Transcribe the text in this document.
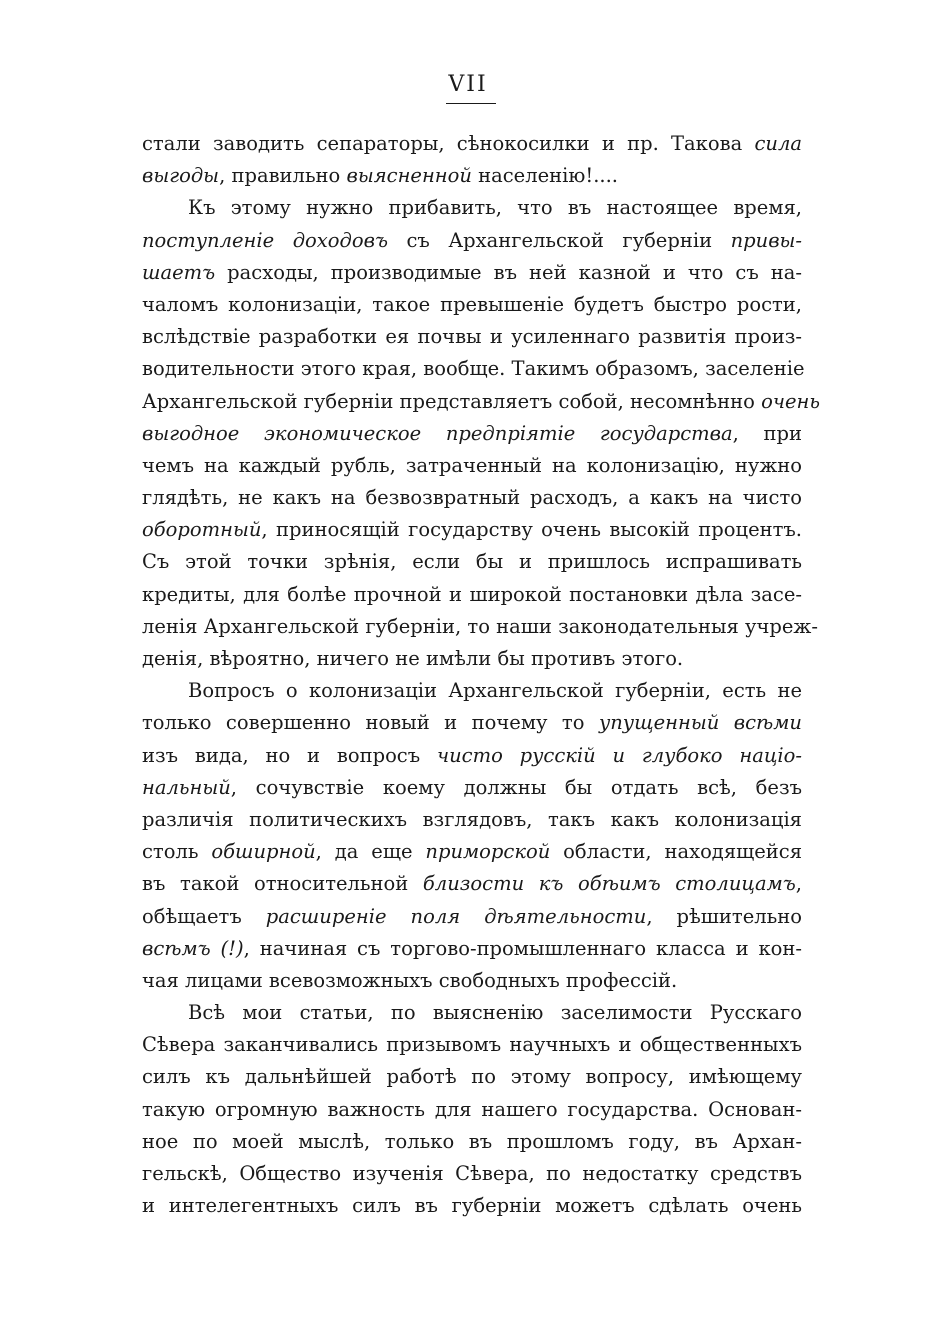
VII
стали заводить сепараторы, сѣнокосилки и пр. Такова сила
выгоды, правильно выясненной населенію!....
Къ этому нужно прибавить, что въ настоящее время,
поступленіе доходовъ съ Архангельской губерніи привы-
шаетъ расходы, производимые въ ней казной и что съ на-
чаломъ колонизаціи, такое превышеніе будетъ быстро рости,
вслѣдствіе разработки ея почвы и усиленнаго развитія произ-
водительности этого края, вообще. Такимъ образомъ, заселеніе
Архангельской губерніи представляетъ собой, несомнѣнно очень
выгодное экономическое предпріятіе государства, при
чемъ на каждый рубль, затраченный на колонизацію, нужно
глядѣть, не какъ на безвозвратный расходъ, а какъ на чисто
оборотный, приносящій государству очень высокій процентъ.
Съ этой точки зрѣнія, если бы и пришлось испрашивать
кредиты, для болѣе прочной и широкой постановки дѣла засе-
ленія Архангельской губерніи, то наши законодательныя учреж-
денія, вѣроятно, ничего не имѣли бы противъ этого.
Вопросъ о колонизаціи Архангельской губерніи, есть не
только совершенно новый и почему то упущенный всѣми
изъ вида, но и вопросъ чисто русскій и глубоко націо-
нальный, сочувствіе коему должны бы отдать всѣ, безъ
различія политическихъ взглядовъ, такъ какъ колонизація
столь обширной, да еще приморской области, находящейся
въ такой относительной близости къ обѣимъ столицамъ,
обѣщаетъ расширеніе поля дѣятельности, рѣшительно
всѣмъ (!), начиная съ торгово-промышленнаго класса и кон-
чая лицами всевозможныхъ свободныхъ профессій.
Всѣ мои статьи, по выясненію заселимости Русскаго
Сѣвера заканчивались призывомъ научныхъ и общественныхъ
силъ къ дальнѣйшей работѣ по этому вопросу, имѣющему
такую огромную важность для нашего государства. Основан-
ное по моей мыслѣ, только въ прошломъ году, въ Архан-
гельскѣ, Общество изученія Сѣвера, по недостатку средствъ
и интелегентныхъ силъ въ губерніи можетъ сдѣлать очень
